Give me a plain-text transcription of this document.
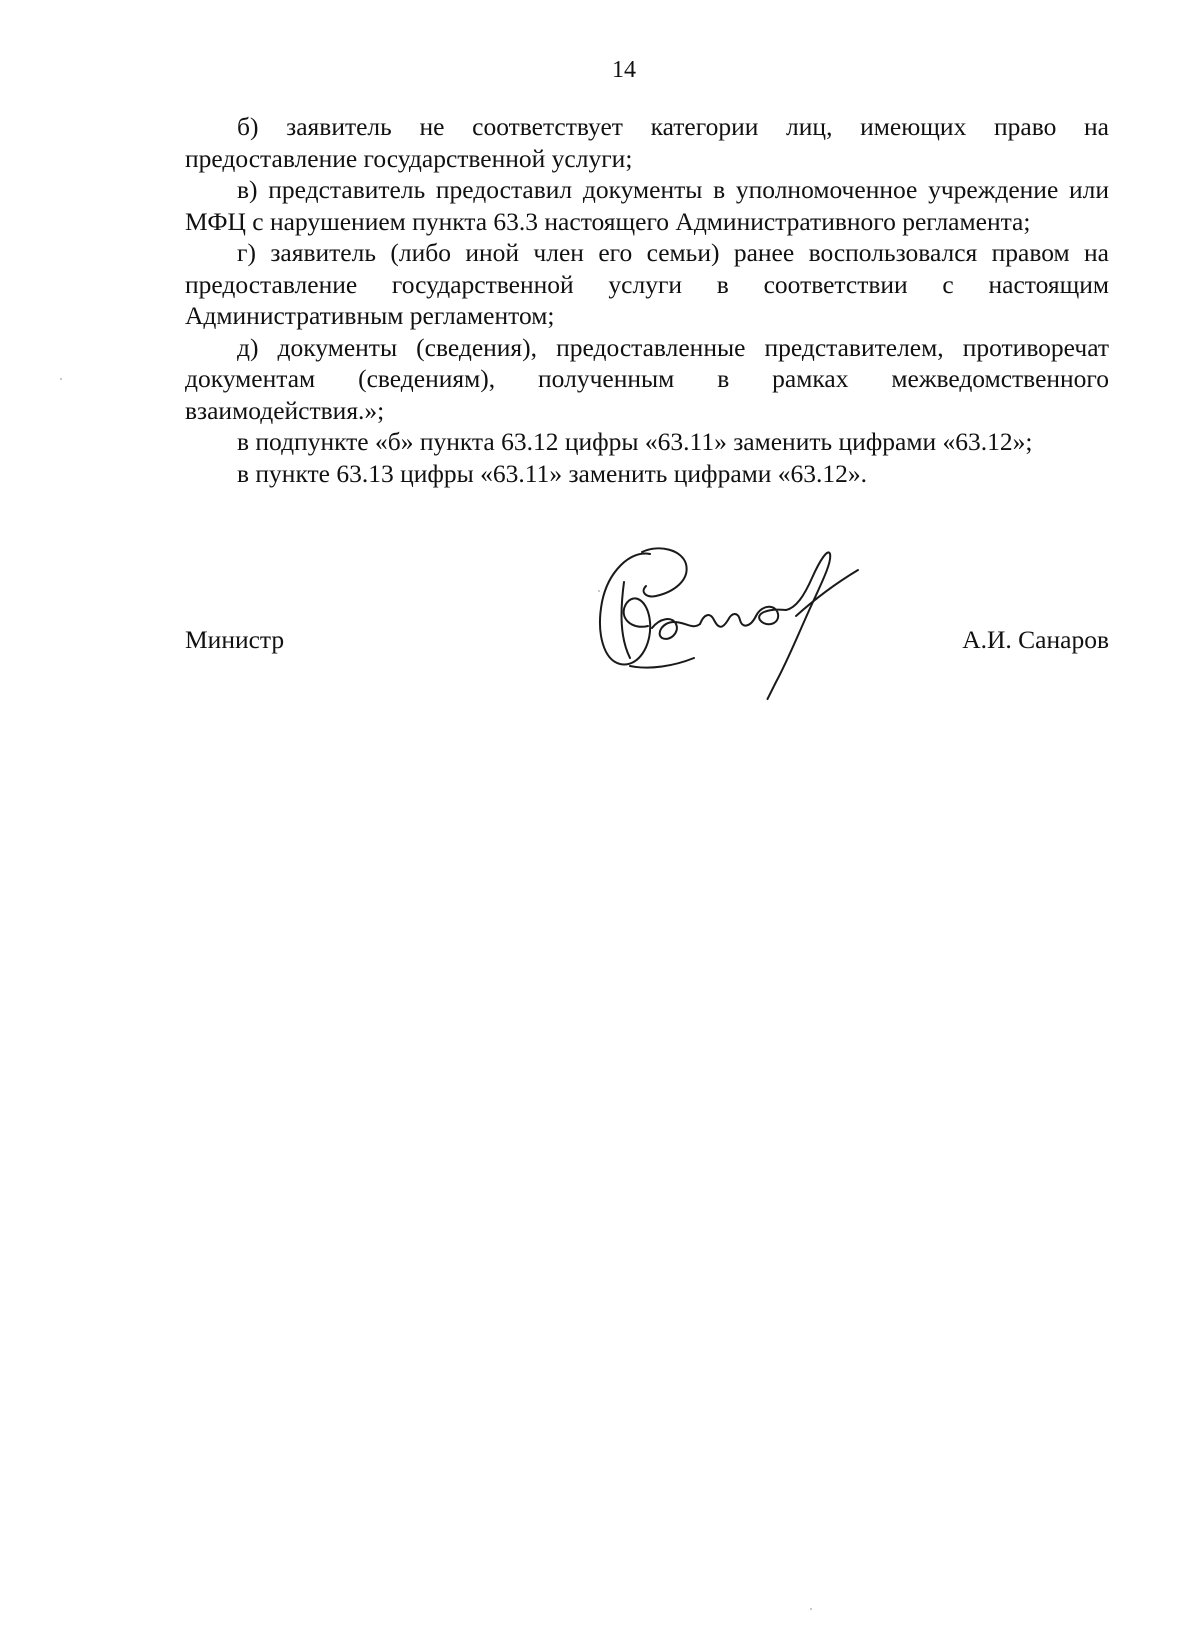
14

б) заявитель не соответствует категории лиц, имеющих право на предоставление государственной услуги;

в) представитель предоставил документы в уполномоченное учреждение или МФЦ с нарушением пункта 63.3 настоящего Административного регламента;

г) заявитель (либо иной член его семьи) ранее воспользовался правом на предоставление государственной услуги в соответствии с настоящим Административным регламентом;

д) документы (сведения), предоставленные представителем, противоречат документам (сведениям), полученным в рамках межведомственного взаимодействия.»;

в подпункте «б» пункта 63.12 цифры «63.11» заменить цифрами «63.12»;

в пункте 63.13 цифры «63.11» заменить цифрами «63.12».

Министр	А.И. Санаров
